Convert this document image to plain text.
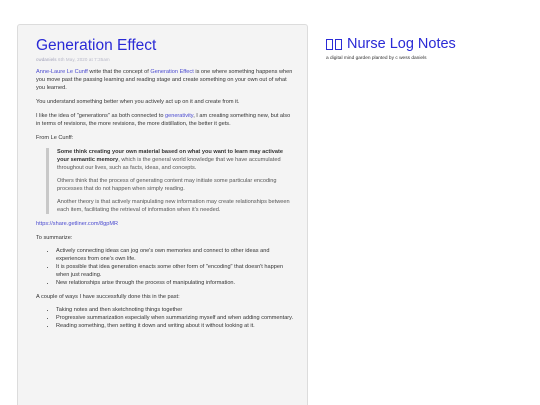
Generation Effect
cwdaniels 6th May, 2020 at 7:35am

Anne-Laure Le Cunff write that the concept of Generation Effect is one where something happens when you move past the passing learning and reading stage and create something on your own out of what you learned.

You understand something better when you actively act up on it and create from it.

I like the idea of "generations" as both connected to generativity, I am creating something new, but also in terms of revisions, the more revisions, the more distillation, the better it gets.

From Le Cunff:

Some think creating your own material based on what you want to learn may activate your semantic memory, which is the general world knowledge that we have accumulated throughout our lives, such as facts, ideas, and concepts.

Others think that the process of generating content may initiate some particular encoding processes that do not happen when simply reading.

Another theory is that actively manipulating new information may create relationships between each item, facilitating the retrieval of information when it's needed.

https://share.getliner.com/8gpMR

To summarize:

• Actively connecting ideas can jog one's own memories and connect to other ideas and experiences from one's own life.
• It is possible that idea generation enacts some other form of "encoding" that doesn't happen when just reading.
• New relationships arise through the process of manipulating information.

A couple of ways I have successfully done this in the past:

• Taking notes and then sketchnoting things together
• Progressive summarization especially when summarizing myself and when adding commentary.
• Reading something, then setting it down and writing about it without looking at it.
Nurse Log Notes
a digital mind garden planted by c wess daniels
